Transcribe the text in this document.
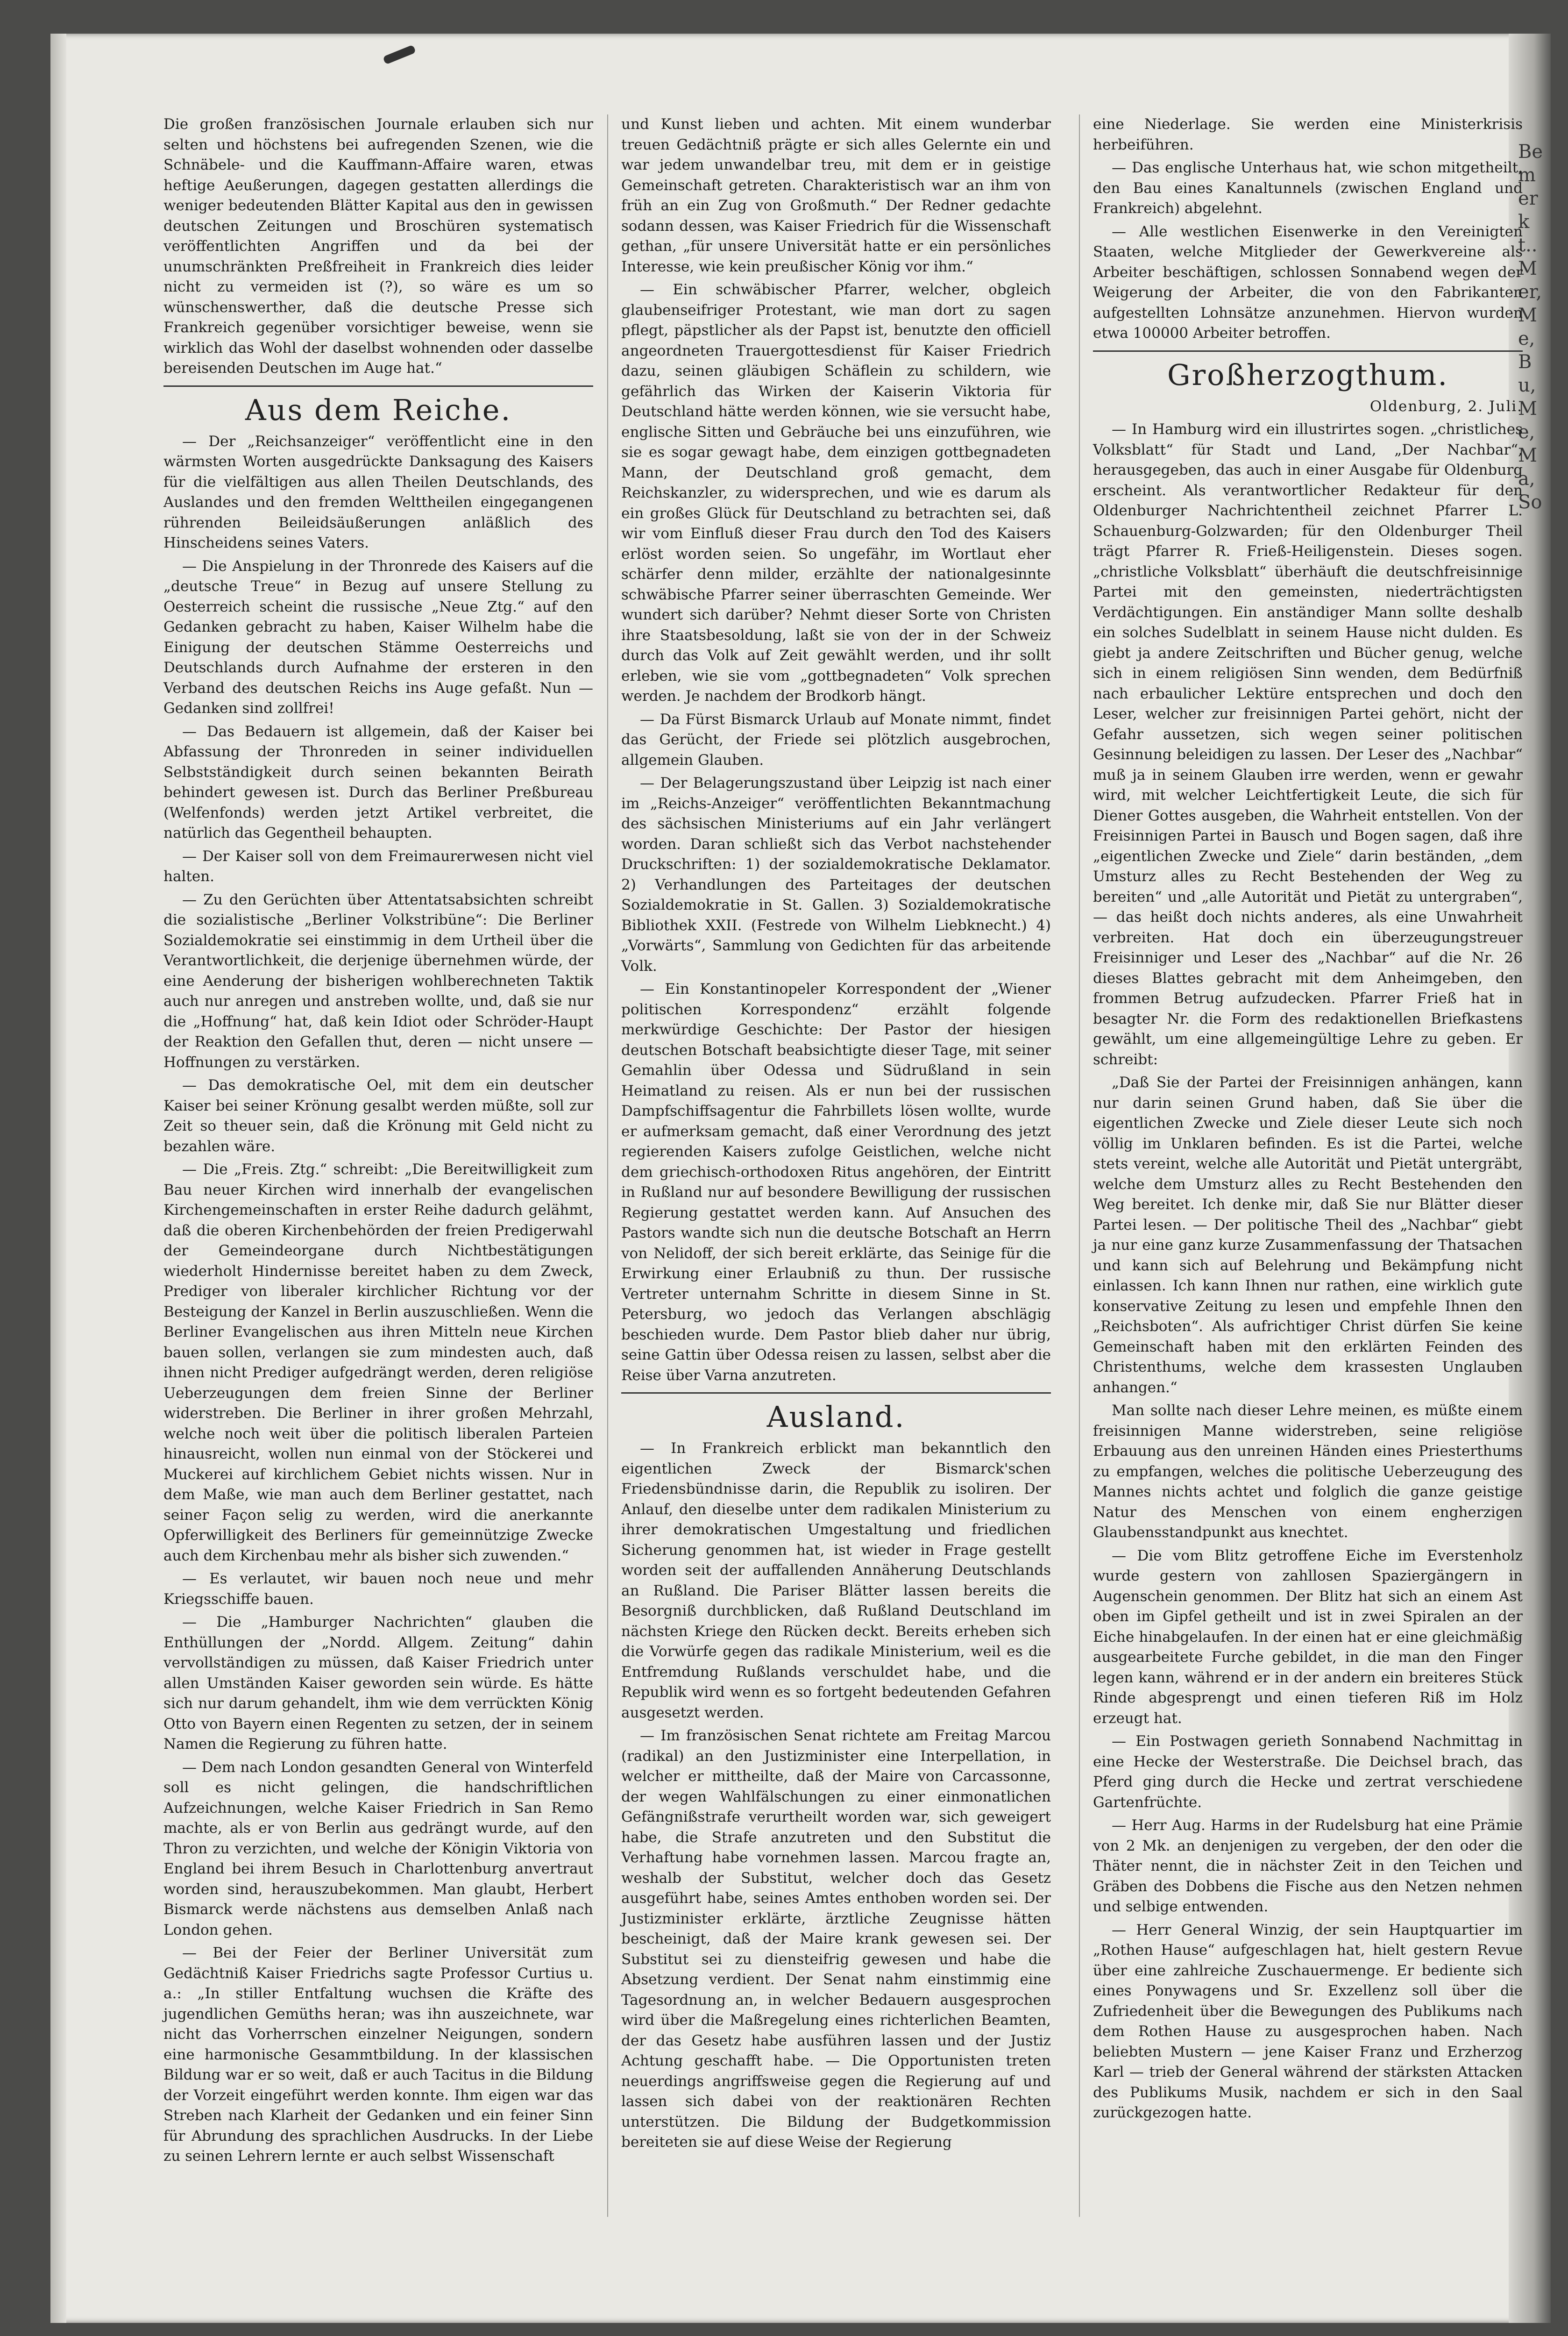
Bemerkt.. Mer, Me, Bu, Me, Ma, So

Die großen französischen Journale erlauben sich nur selten und höchstens bei aufregenden Szenen, wie die Schnäbele- und die Kauffmann-Affaire waren, etwas heftige Aeußerungen, dagegen gestatten allerdings die weniger bedeutenden Blätter Kapital aus den in gewissen deutschen Zeitungen und Broschüren systematisch veröffentlichten Angriffen und da bei der unumschränkten Preßfreiheit in Frankreich dies leider nicht zu vermeiden ist (?), so wäre es um so wünschenswerther, daß die deutsche Presse sich Frankreich gegenüber vorsichtiger beweise, wenn sie wirklich das Wohl der daselbst wohnenden oder dasselbe bereisenden Deutschen im Auge hat.“

Aus dem Reiche.

— Der „Reichsanzeiger“ veröffentlicht eine in den wärmsten Worten ausgedrückte Danksagung des Kaisers für die vielfältigen aus allen Theilen Deutschlands, des Auslandes und den fremden Welttheilen eingegangenen rührenden Beileidsäußerungen anläßlich des Hinscheidens seines Vaters.

— Die Anspielung in der Thronrede des Kaisers auf die „deutsche Treue“ in Bezug auf unsere Stellung zu Oesterreich scheint die russische „Neue Ztg.“ auf den Gedanken gebracht zu haben, Kaiser Wilhelm habe die Einigung der deutschen Stämme Oesterreichs und Deutschlands durch Aufnahme der ersteren in den Verband des deutschen Reichs ins Auge gefaßt. Nun — Gedanken sind zollfrei!

— Das Bedauern ist allgemein, daß der Kaiser bei Abfassung der Thronreden in seiner individuellen Selbstständigkeit durch seinen bekannten Beirath behindert gewesen ist. Durch das Berliner Preßbureau (Welfenfonds) werden jetzt Artikel verbreitet, die natürlich das Gegentheil behaupten.

— Der Kaiser soll von dem Freimaurerwesen nicht viel halten.

— Zu den Gerüchten über Attentatsabsichten schreibt die sozialistische „Berliner Volkstribüne“: Die Berliner Sozialdemokratie sei einstimmig in dem Urtheil über die Verantwortlichkeit, die derjenige übernehmen würde, der eine Aenderung der bisherigen wohlberechneten Taktik auch nur anregen und anstreben wollte, und, daß sie nur die „Hoffnung“ hat, daß kein Idiot oder Schröder-Haupt der Reaktion den Gefallen thut, deren — nicht unsere — Hoffnungen zu verstärken.

— Das demokratische Oel, mit dem ein deutscher Kaiser bei seiner Krönung gesalbt werden müßte, soll zur Zeit so theuer sein, daß die Krönung mit Geld nicht zu bezahlen wäre.

— Die „Freis. Ztg.“ schreibt: „Die Bereitwilligkeit zum Bau neuer Kirchen wird innerhalb der evangelischen Kirchengemeinschaften in erster Reihe dadurch gelähmt, daß die oberen Kirchenbehörden der freien Predigerwahl der Gemeindeorgane durch Nichtbestätigungen wiederholt Hindernisse bereitet haben zu dem Zweck, Prediger von liberaler kirchlicher Richtung vor der Besteigung der Kanzel in Berlin auszuschließen. Wenn die Berliner Evangelischen aus ihren Mitteln neue Kirchen bauen sollen, verlangen sie zum mindesten auch, daß ihnen nicht Prediger aufgedrängt werden, deren religiöse Ueberzeugungen dem freien Sinne der Berliner widerstreben. Die Berliner in ihrer großen Mehrzahl, welche noch weit über die politisch liberalen Parteien hinausreicht, wollen nun einmal von der Stöckerei und Muckerei auf kirchlichem Gebiet nichts wissen. Nur in dem Maße, wie man auch dem Berliner gestattet, nach seiner Façon selig zu werden, wird die anerkannte Opferwilligkeit des Berliners für gemeinnützige Zwecke auch dem Kirchenbau mehr als bisher sich zuwenden.“

— Es verlautet, wir bauen noch neue und mehr Kriegsschiffe bauen.

— Die „Hamburger Nachrichten“ glauben die Enthüllungen der „Nordd. Allgem. Zeitung“ dahin vervollständigen zu müssen, daß Kaiser Friedrich unter allen Umständen Kaiser geworden sein würde. Es hätte sich nur darum gehandelt, ihm wie dem verrückten König Otto von Bayern einen Regenten zu setzen, der in seinem Namen die Regierung zu führen hatte.

— Dem nach London gesandten General von Winterfeld soll es nicht gelingen, die handschriftlichen Aufzeichnungen, welche Kaiser Friedrich in San Remo machte, als er von Berlin aus gedrängt wurde, auf den Thron zu verzichten, und welche der Königin Viktoria von England bei ihrem Besuch in Charlottenburg anvertraut worden sind, herauszubekommen. Man glaubt, Herbert Bismarck werde nächstens aus demselben Anlaß nach London gehen.

— Bei der Feier der Berliner Universität zum Gedächtniß Kaiser Friedrichs sagte Professor Curtius u. a.: „In stiller Entfaltung wuchsen die Kräfte des jugendlichen Gemüths heran; was ihn auszeichnete, war nicht das Vorherrschen einzelner Neigungen, sondern eine harmonische Gesammtbildung. In der klassischen Bildung war er so weit, daß er auch Tacitus in die Bildung der Vorzeit eingeführt werden konnte. Ihm eigen war das Streben nach Klarheit der Gedanken und ein feiner Sinn für Abrundung des sprachlichen Ausdrucks. In der Liebe zu seinen Lehrern lernte er auch selbst Wissenschaft

und Kunst lieben und achten. Mit einem wunderbar treuen Gedächtniß prägte er sich alles Gelernte ein und war jedem unwandelbar treu, mit dem er in geistige Gemeinschaft getreten. Charakteristisch war an ihm von früh an ein Zug von Großmuth.“ Der Redner gedachte sodann dessen, was Kaiser Friedrich für die Wissenschaft gethan, „für unsere Universität hatte er ein persönliches Interesse, wie kein preußischer König vor ihm.“

— Ein schwäbischer Pfarrer, welcher, obgleich glaubenseifriger Protestant, wie man dort zu sagen pflegt, päpstlicher als der Papst ist, benutzte den officiell angeordneten Trauergottesdienst für Kaiser Friedrich dazu, seinen gläubigen Schäflein zu schildern, wie gefährlich das Wirken der Kaiserin Viktoria für Deutschland hätte werden können, wie sie versucht habe, englische Sitten und Gebräuche bei uns einzuführen, wie sie es sogar gewagt habe, dem einzigen gottbegnadeten Mann, der Deutschland groß gemacht, dem Reichskanzler, zu widersprechen, und wie es darum als ein großes Glück für Deutschland zu betrachten sei, daß wir vom Einfluß dieser Frau durch den Tod des Kaisers erlöst worden seien. So ungefähr, im Wortlaut eher schärfer denn milder, erzählte der nationalgesinnte schwäbische Pfarrer seiner überraschten Gemeinde. Wer wundert sich darüber? Nehmt dieser Sorte von Christen ihre Staatsbesoldung, laßt sie von der in der Schweiz durch das Volk auf Zeit gewählt werden, und ihr sollt erleben, wie sie vom „gottbegnadeten“ Volk sprechen werden. Je nachdem der Brodkorb hängt.

— Da Fürst Bismarck Urlaub auf Monate nimmt, findet das Gerücht, der Friede sei plötzlich ausgebrochen, allgemein Glauben.

— Der Belagerungszustand über Leipzig ist nach einer im „Reichs-Anzeiger“ veröffentlichten Bekanntmachung des sächsischen Ministeriums auf ein Jahr verlängert worden. Daran schließt sich das Verbot nachstehender Druckschriften: 1) der sozialdemokratische Deklamator. 2) Verhandlungen des Parteitages der deutschen Sozialdemokratie in St. Gallen. 3) Sozialdemokratische Bibliothek XXII. (Festrede von Wilhelm Liebknecht.) 4) „Vorwärts“, Sammlung von Gedichten für das arbeitende Volk.

— Ein Konstantinopeler Korrespondent der „Wiener politischen Korrespondenz“ erzählt folgende merkwürdige Geschichte: Der Pastor der hiesigen deutschen Botschaft beabsichtigte dieser Tage, mit seiner Gemahlin über Odessa und Südrußland in sein Heimatland zu reisen. Als er nun bei der russischen Dampfschiffsagentur die Fahrbillets lösen wollte, wurde er aufmerksam gemacht, daß einer Verordnung des jetzt regierenden Kaisers zufolge Geistlichen, welche nicht dem griechisch-orthodoxen Ritus angehören, der Eintritt in Rußland nur auf besondere Bewilligung der russischen Regierung gestattet werden kann. Auf Ansuchen des Pastors wandte sich nun die deutsche Botschaft an Herrn von Nelidoff, der sich bereit erklärte, das Seinige für die Erwirkung einer Erlaubniß zu thun. Der russische Vertreter unternahm Schritte in diesem Sinne in St. Petersburg, wo jedoch das Verlangen abschlägig beschieden wurde. Dem Pastor blieb daher nur übrig, seine Gattin über Odessa reisen zu lassen, selbst aber die Reise über Varna anzutreten.

Ausland.

— In Frankreich erblickt man bekanntlich den eigentlichen Zweck der Bismarck'schen Friedensbündnisse darin, die Republik zu isoliren. Der Anlauf, den dieselbe unter dem radikalen Ministerium zu ihrer demokratischen Umgestaltung und friedlichen Sicherung genommen hat, ist wieder in Frage gestellt worden seit der auffallenden Annäherung Deutschlands an Rußland. Die Pariser Blätter lassen bereits die Besorgniß durchblicken, daß Rußland Deutschland im nächsten Kriege den Rücken deckt. Bereits erheben sich die Vorwürfe gegen das radikale Ministerium, weil es die Entfremdung Rußlands verschuldet habe, und die Republik wird wenn es so fortgeht bedeutenden Gefahren ausgesetzt werden.

— Im französischen Senat richtete am Freitag Marcou (radikal) an den Justizminister eine Interpellation, in welcher er mittheilte, daß der Maire von Carcassonne, der wegen Wahlfälschungen zu einer einmonatlichen Gefängnißstrafe verurtheilt worden war, sich geweigert habe, die Strafe anzutreten und den Substitut die Verhaftung habe vornehmen lassen. Marcou fragte an, weshalb der Substitut, welcher doch das Gesetz ausgeführt habe, seines Amtes enthoben worden sei. Der Justizminister erklärte, ärztliche Zeugnisse hätten bescheinigt, daß der Maire krank gewesen sei. Der Substitut sei zu diensteifrig gewesen und habe die Absetzung verdient. Der Senat nahm einstimmig eine Tagesordnung an, in welcher Bedauern ausgesprochen wird über die Maßregelung eines richterlichen Beamten, der das Gesetz habe ausführen lassen und der Justiz Achtung geschafft habe. — Die Opportunisten treten neuerdings angriffsweise gegen die Regierung auf und lassen sich dabei von der reaktionären Rechten unterstützen. Die Bildung der Budgetkommission bereiteten sie auf diese Weise der Regierung

eine Niederlage. Sie werden eine Ministerkrisis herbeiführen.

— Das englische Unterhaus hat, wie schon mitgetheilt, den Bau eines Kanaltunnels (zwischen England und Frankreich) abgelehnt.

— Alle westlichen Eisenwerke in den Vereinigten Staaten, welche Mitglieder der Gewerkvereine als Arbeiter beschäftigen, schlossen Sonnabend wegen der Weigerung der Arbeiter, die von den Fabrikanten aufgestellten Lohnsätze anzunehmen. Hiervon wurden etwa 100000 Arbeiter betroffen.

Großherzogthum.
Oldenburg, 2. Juli.

— In Hamburg wird ein illustrirtes sogen. „christliches Volksblatt“ für Stadt und Land, „Der Nachbar“, herausgegeben, das auch in einer Ausgabe für Oldenburg erscheint. Als verantwortlicher Redakteur für den Oldenburger Nachrichtentheil zeichnet Pfarrer L. Schauenburg-Golzwarden; für den Oldenburger Theil trägt Pfarrer R. Frieß-Heiligenstein. Dieses sogen. „christliche Volksblatt“ überhäuft die deutschfreisinnige Partei mit den gemeinsten, niederträchtigsten Verdächtigungen. Ein anständiger Mann sollte deshalb ein solches Sudelblatt in seinem Hause nicht dulden. Es giebt ja andere Zeitschriften und Bücher genug, welche sich in einem religiösen Sinn wenden, dem Bedürfniß nach erbaulicher Lektüre entsprechen und doch den Leser, welcher zur freisinnigen Partei gehört, nicht der Gefahr aussetzen, sich wegen seiner politischen Gesinnung beleidigen zu lassen. Der Leser des „Nachbar“ muß ja in seinem Glauben irre werden, wenn er gewahr wird, mit welcher Leichtfertigkeit Leute, die sich für Diener Gottes ausgeben, die Wahrheit entstellen. Von der Freisinnigen Partei in Bausch und Bogen sagen, daß ihre „eigentlichen Zwecke und Ziele“ darin beständen, „dem Umsturz alles zu Recht Bestehenden der Weg zu bereiten“ und „alle Autorität und Pietät zu untergraben“, — das heißt doch nichts anderes, als eine Unwahrheit verbreiten. Hat doch ein überzeugungstreuer Freisinniger und Leser des „Nachbar“ auf die Nr. 26 dieses Blattes gebracht mit dem Anheimgeben, den frommen Betrug aufzudecken. Pfarrer Frieß hat in besagter Nr. die Form des redaktionellen Briefkastens gewählt, um eine allgemeingültige Lehre zu geben. Er schreibt:

„Daß Sie der Partei der Freisinnigen anhängen, kann nur darin seinen Grund haben, daß Sie über die eigentlichen Zwecke und Ziele dieser Leute sich noch völlig im Unklaren befinden. Es ist die Partei, welche stets vereint, welche alle Autorität und Pietät untergräbt, welche dem Umsturz alles zu Recht Bestehenden den Weg bereitet. Ich denke mir, daß Sie nur Blätter dieser Partei lesen. — Der politische Theil des „Nachbar“ giebt ja nur eine ganz kurze Zusammenfassung der Thatsachen und kann sich auf Belehrung und Bekämpfung nicht einlassen. Ich kann Ihnen nur rathen, eine wirklich gute konservative Zeitung zu lesen und empfehle Ihnen den „Reichsboten“. Als aufrichtiger Christ dürfen Sie keine Gemeinschaft haben mit den erklärten Feinden des Christenthums, welche dem krassesten Unglauben anhangen.“

Man sollte nach dieser Lehre meinen, es müßte einem freisinnigen Manne widerstreben, seine religiöse Erbauung aus den unreinen Händen eines Priesterthums zu empfangen, welches die politische Ueberzeugung des Mannes nichts achtet und folglich die ganze geistige Natur des Menschen von einem engherzigen Glaubensstandpunkt aus knechtet.

— Die vom Blitz getroffene Eiche im Everstenholz wurde gestern von zahllosen Spaziergängern in Augenschein genommen. Der Blitz hat sich an einem Ast oben im Gipfel getheilt und ist in zwei Spiralen an der Eiche hinabgelaufen. In der einen hat er eine gleichmäßig ausgearbeitete Furche gebildet, in die man den Finger legen kann, während er in der andern ein breiteres Stück Rinde abgesprengt und einen tieferen Riß im Holz erzeugt hat.

— Ein Postwagen gerieth Sonnabend Nachmittag in eine Hecke der Westerstraße. Die Deichsel brach, das Pferd ging durch die Hecke und zertrat verschiedene Gartenfrüchte.

— Herr Aug. Harms in der Rudelsburg hat eine Prämie von 2 Mk. an denjenigen zu vergeben, der den oder die Thäter nennt, die in nächster Zeit in den Teichen und Gräben des Dobbens die Fische aus den Netzen nehmen und selbige entwenden.

— Herr General Winzig, der sein Hauptquartier im „Rothen Hause“ aufgeschlagen hat, hielt gestern Revue über eine zahlreiche Zuschauermenge. Er bediente sich eines Ponywagens und Sr. Exzellenz soll über die Zufriedenheit über die Bewegungen des Publikums nach dem Rothen Hause zu ausgesprochen haben. Nach beliebten Mustern — jene Kaiser Franz und Erzherzog Karl — trieb der General während der stärksten Attacken des Publikums Musik, nachdem er sich in den Saal zurückgezogen hatte.
